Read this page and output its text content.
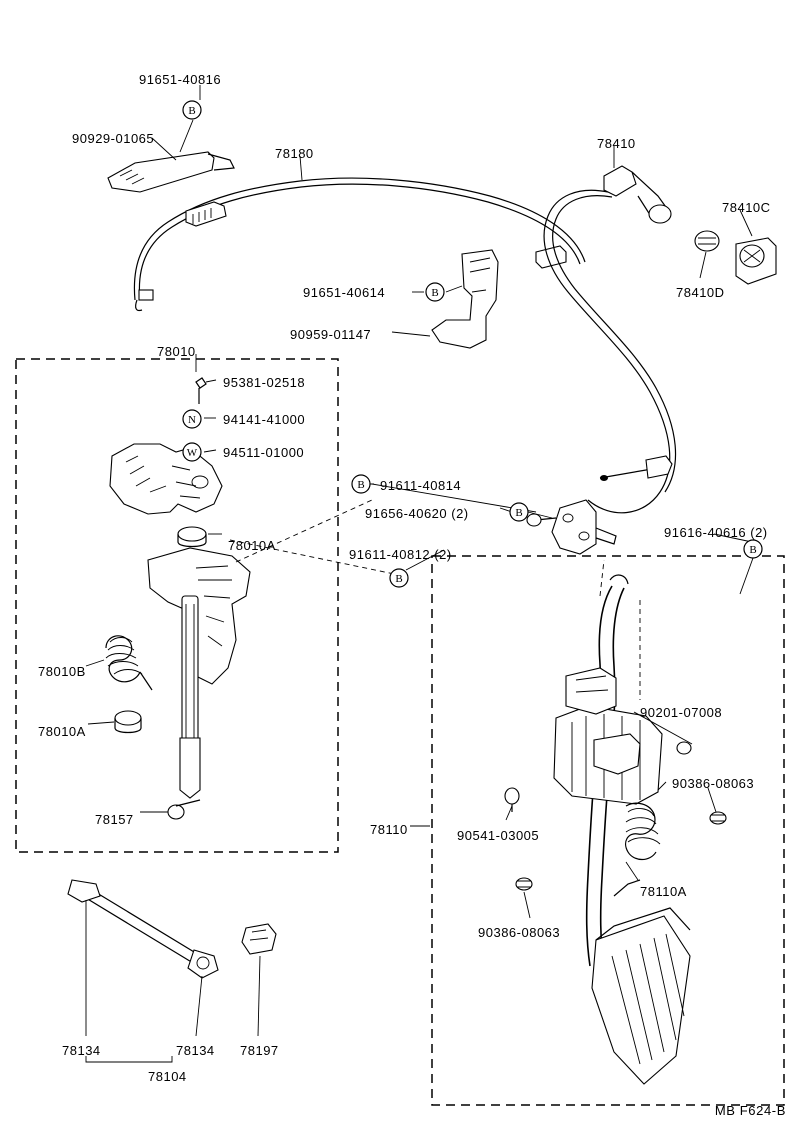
B
B
N
W
B
B
B
B
91651-40816
90929-01065
78180
78410
78410C
78410D
91651-40614
90959-01147
78010
95381-02518
94141-41000
94511-01000
91611-40814
91656-40620 (2)
91616-40616 (2)
78010A
91611-40812 (2)
78010B
78010A
90201-07008
90386-08063
78157
90541-03005
78110
78110A
90386-08063
78134	78134 78197
78104
MB F624-B
